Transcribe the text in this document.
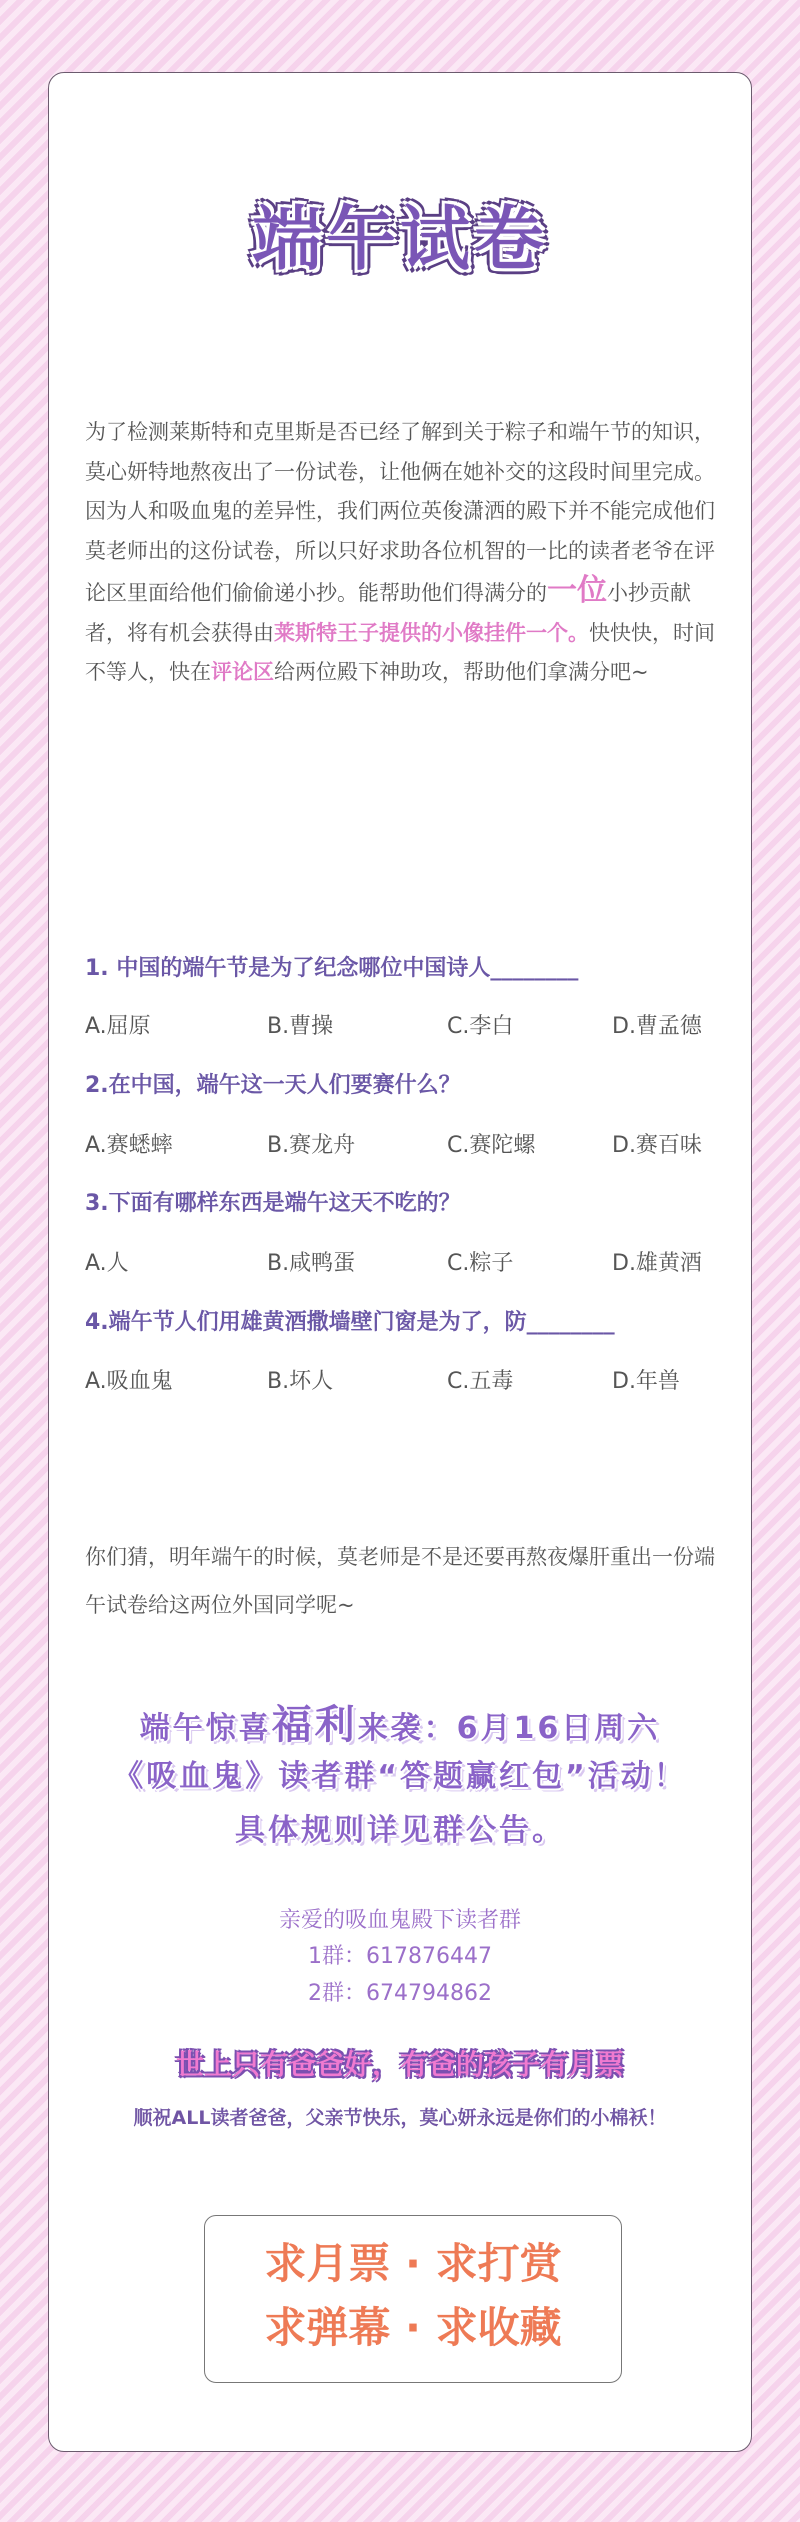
端午试卷
为了检测莱斯特和克里斯是否已经了解到关于粽子和端午节的知识，莫心妍特地熬夜出了一份试卷，让他俩在她补交的这段时间里完成。因为人和吸血鬼的差异性，我们两位英俊潇洒的殿下并不能完成他们莫老师出的这份试卷，所以只好求助各位机智的一比的读者老爷在评论区里面给他们偷偷递小抄。能帮助他们得满分的一位小抄贡献者，将有机会获得由莱斯特王子提供的小像挂件一个。快快快，时间不等人，快在评论区给两位殿下神助攻，帮助他们拿满分吧~
1. 中国的端午节是为了纪念哪位中国诗人________
A.屈原	B.曹操	C.李白	D.曹孟德
2.在中国，端午这一天人们要赛什么？
A.赛蟋蟀	B.赛龙舟	C.赛陀螺	D.赛百味
3.下面有哪样东西是端午这天不吃的？
A.人	B.咸鸭蛋	C.粽子	D.雄黄酒
4.端午节人们用雄黄酒撒墙壁门窗是为了，防________
A.吸血鬼	B.坏人	C.五毒	D.年兽
你们猜，明年端午的时候，莫老师是不是还要再熬夜爆肝重出一份端午试卷给这两位外国同学呢~
端午惊喜福利来袭：6月16日周六
《吸血鬼》读者群“答题赢红包”活动！
具体规则详见群公告。
亲爱的吸血鬼殿下读者群
1群：617876447
2群：674794862
世上只有爸爸好，有爸的孩子有月票
顺祝ALL读者爸爸，父亲节快乐，莫心妍永远是你们的小棉袄！
求月票 · 求打赏
求弹幕 · 求收藏
